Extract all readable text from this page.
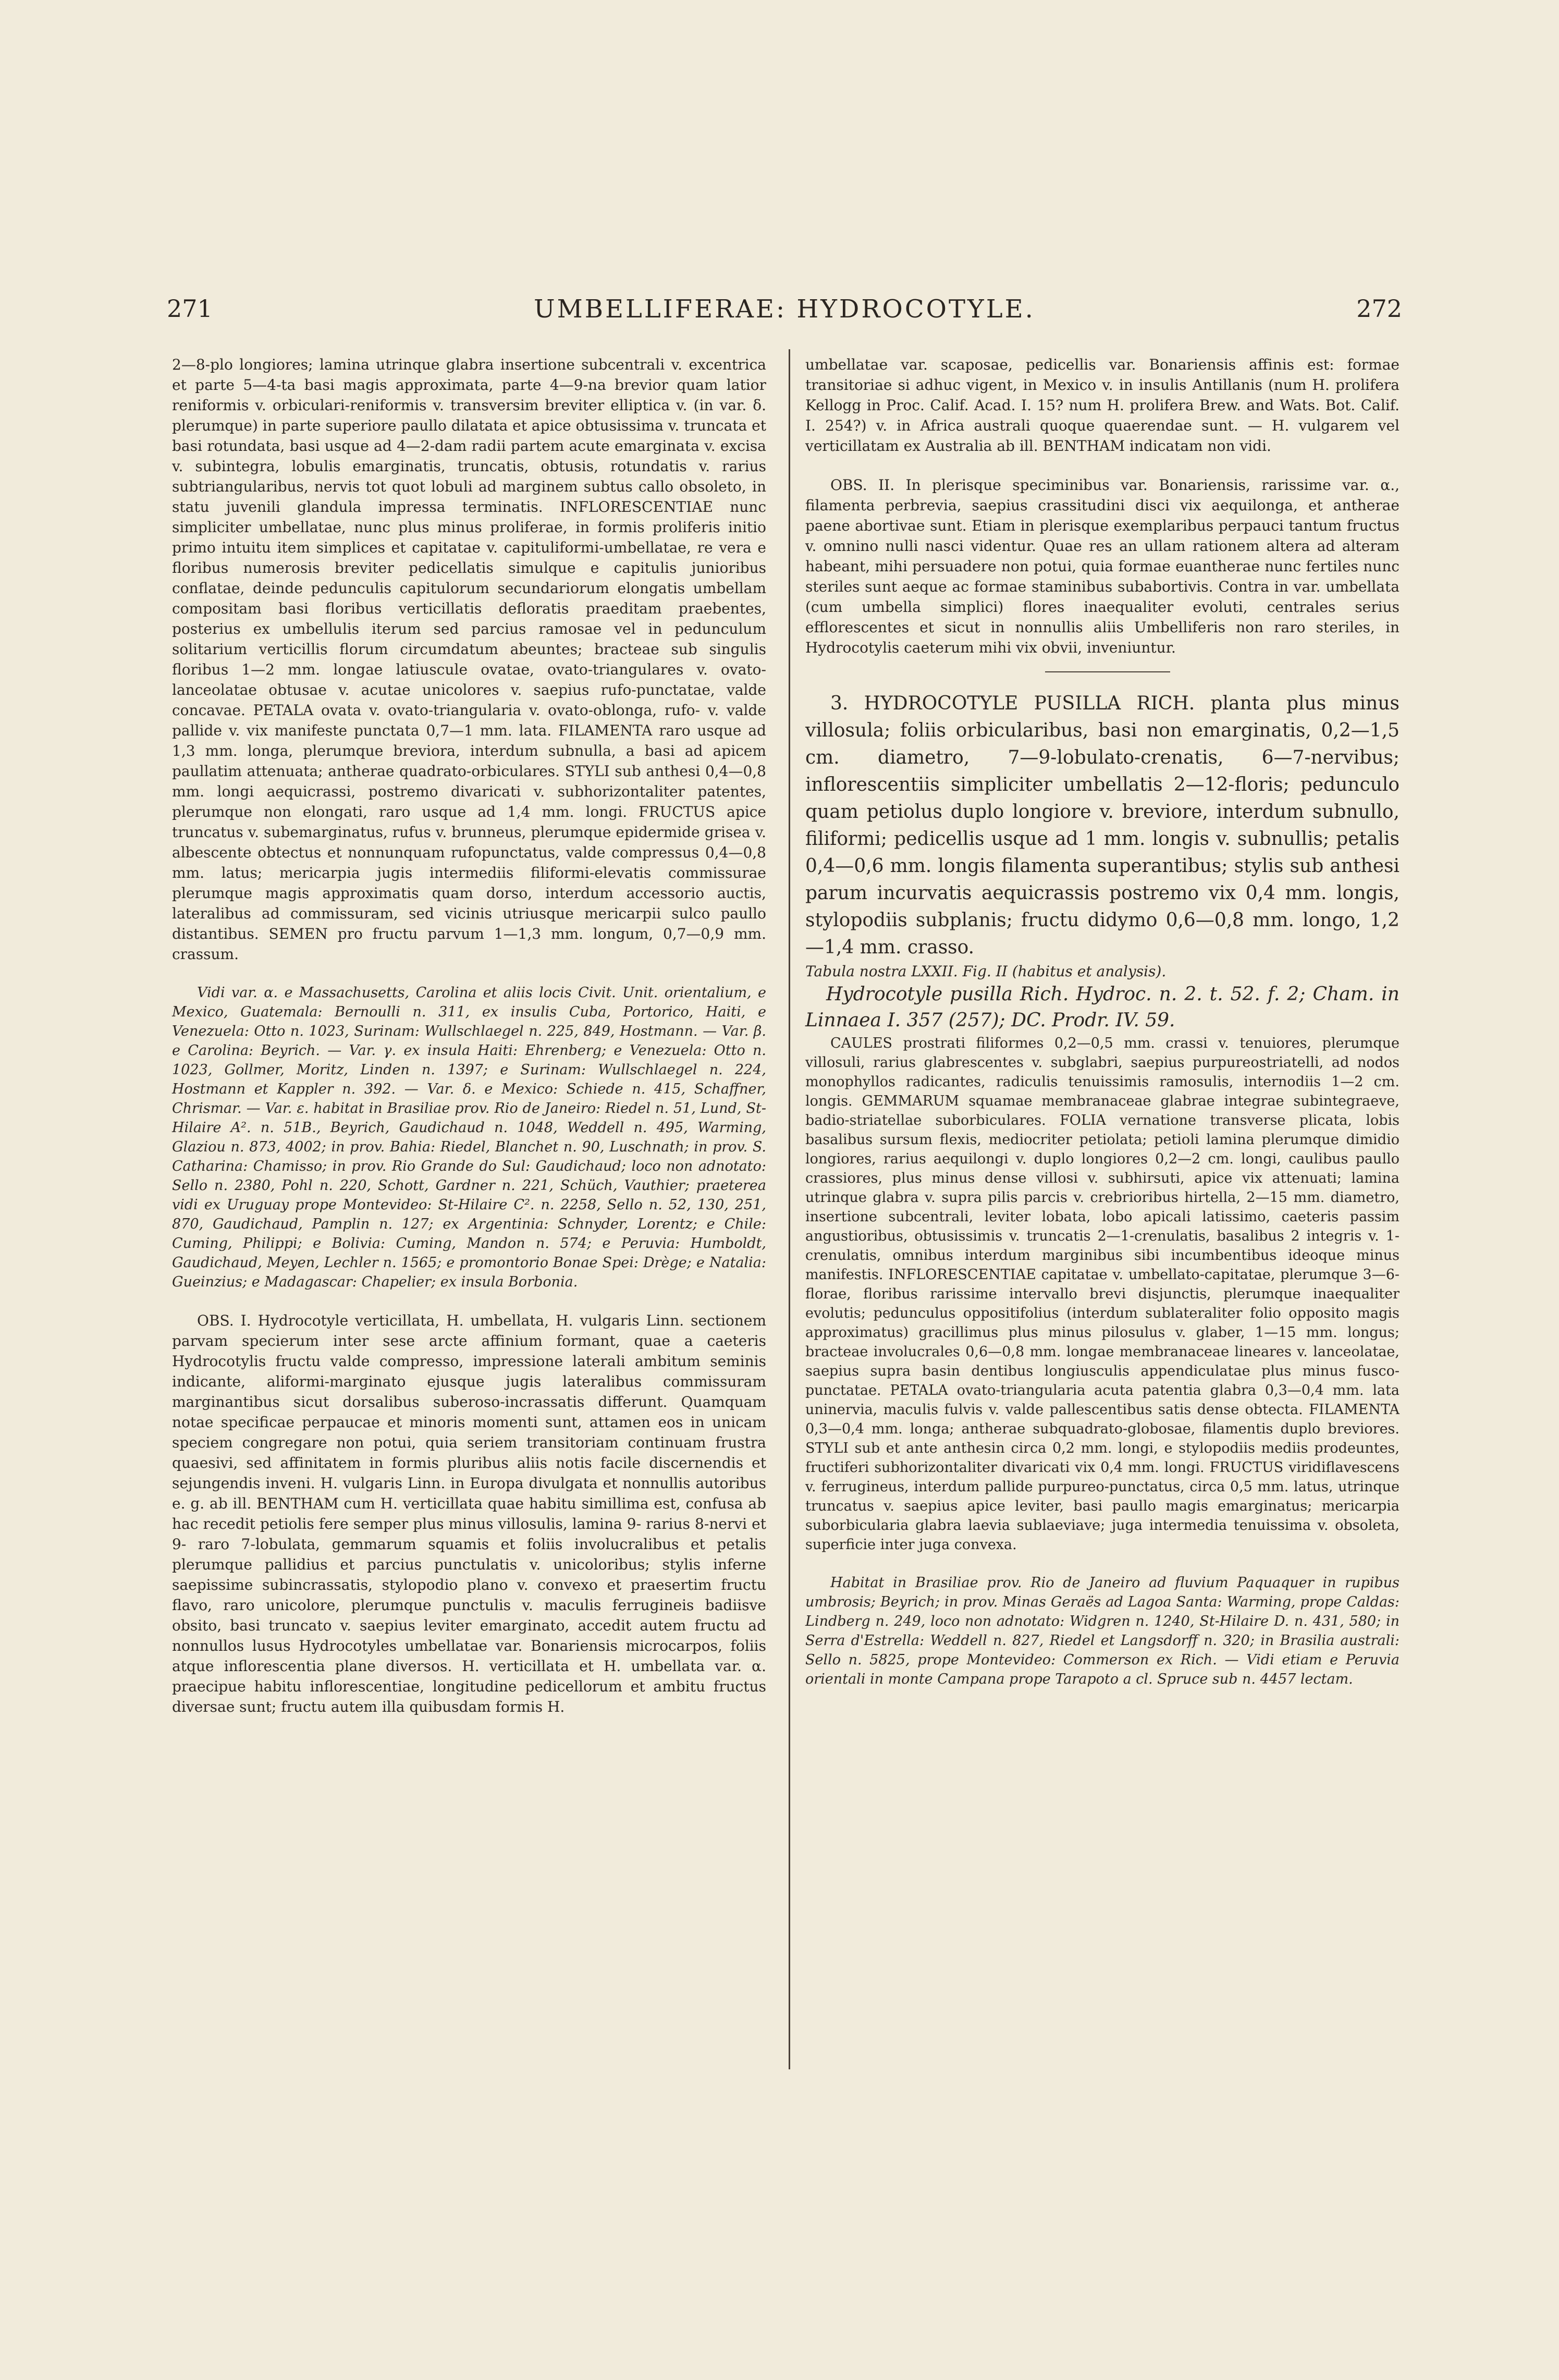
271	UMBELLIFERAE: HYDROCOTYLE.	272

2—8-plo longiores; lamina utrinque glabra insertione subcentrali v. excentrica et parte 5—4-ta basi magis approximata, parte 4—9-na brevior quam latior reniformis v. orbiculari-reniformis v. transversim breviter elliptica v. (in var. δ. plerumque) in parte superiore paullo dilatata et apice obtusissima v. truncata et basi rotundata, basi usque ad 4—2-dam radii partem acute emarginata v. excisa v. subintegra, lobulis emarginatis, truncatis, obtusis, rotundatis v. rarius subtriangularibus, nervis tot quot lobuli ad marginem subtus callo obsoleto, in statu juvenili glandula impressa terminatis. INFLORESCENTIAE nunc simpliciter umbellatae, nunc plus minus proliferae, in formis proliferis initio primo intuitu item simplices et capitatae v. capituliformi-umbellatae, re vera e floribus numerosis breviter pedicellatis simulque e capitulis junioribus conflatae, deinde pedunculis capitulorum secundariorum elongatis umbellam compositam basi floribus verticillatis defloratis praeditam praebentes, posterius ex umbellulis iterum sed parcius ramosae vel in pedunculum solitarium verticillis florum circumdatum abeuntes; bracteae sub singulis floribus 1—2 mm. longae latiuscule ovatae, ovato-triangulares v. ovato-lanceolatae obtusae v. acutae unicolores v. saepius rufo-punctatae, valde concavae. PETALA ovata v. ovato-triangularia v. ovato-oblonga, rufo- v. valde pallide v. vix manifeste punctata 0,7—1 mm. lata. FILAMENTA raro usque ad 1,3 mm. longa, plerumque breviora, interdum subnulla, a basi ad apicem paullatim attenuata; antherae quadrato-orbiculares. STYLI sub anthesi 0,4—0,8 mm. longi aequicrassi, postremo divaricati v. subhorizontaliter patentes, plerumque non elongati, raro usque ad 1,4 mm. longi. FRUCTUS apice truncatus v. subemarginatus, rufus v. brunneus, plerumque epidermide grisea v. albescente obtectus et nonnunquam rufopunctatus, valde compressus 0,4—0,8 mm. latus; mericarpia jugis intermediis filiformi-elevatis commissurae plerumque magis approximatis quam dorso, interdum accessorio auctis, lateralibus ad commissuram, sed vicinis utriusque mericarpii sulco paullo distantibus. SEMEN pro fructu parvum 1—1,3 mm. longum, 0,7—0,9 mm. crassum.

Vidi var. α. e Massachusetts, Carolina et aliis locis Civit. Unit. orientalium, e Mexico, Guatemala: Bernoulli n. 311, ex insulis Cuba, Portorico, Haiti, e Venezuela: Otto n. 1023, Surinam: Wullschlaegel n. 225, 849, Hostmann. — Var. β. e Carolina: Beyrich. — Var. γ. ex insula Haiti: Ehrenberg; e Venezuela: Otto n. 1023, Gollmer, Moritz, Linden n. 1397; e Surinam: Wullschlaegel n. 224, Hostmann et Kappler n. 392. — Var. δ. e Mexico: Schiede n. 415, Schaffner, Chrismar. — Var. ε. habitat in Brasiliae prov. Rio de Janeiro: Riedel n. 51, Lund, St-Hilaire A². n. 51B., Beyrich, Gaudichaud n. 1048, Weddell n. 495, Warming, Glaziou n. 873, 4002; in prov. Bahia: Riedel, Blanchet n. 90, Luschnath; in prov. S. Catharina: Chamisso; in prov. Rio Grande do Sul: Gaudichaud; loco non adnotato: Sello n. 2380, Pohl n. 220, Schott, Gardner n. 221, Schüch, Vauthier; praeterea vidi ex Uruguay prope Montevideo: St-Hilaire C². n. 2258, Sello n. 52, 130, 251, 870, Gaudichaud, Pamplin n. 127; ex Argentinia: Schnyder, Lorentz; e Chile: Cuming, Philippi; e Bolivia: Cuming, Mandon n. 574; e Peruvia: Humboldt, Gaudichaud, Meyen, Lechler n. 1565; e promontorio Bonae Spei: Drège; e Natalia: Gueinzius; e Madagascar: Chapelier; ex insula Borbonia.

OBS. I. Hydrocotyle verticillata, H. umbellata, H. vulgaris Linn. sectionem parvam specierum inter sese arcte affinium formant, quae a caeteris Hydrocotylis fructu valde compresso, impressione laterali ambitum seminis indicante, aliformi-marginato ejusque jugis lateralibus commissuram marginantibus sicut dorsalibus suberoso-incrassatis differunt. Quamquam notae specificae perpaucae et minoris momenti sunt, attamen eos in unicam speciem congregare non potui, quia seriem transitoriam continuam frustra quaesivi, sed affinitatem in formis pluribus aliis notis facile discernendis et sejungendis inveni. H. vulgaris Linn. in Europa divulgata et nonnullis autoribus e. g. ab ill. BENTHAM cum H. verticillata quae habitu simillima est, confusa ab hac recedit petiolis fere semper plus minus villosulis, lamina 9- rarius 8-nervi et 9- raro 7-lobulata, gemmarum squamis et foliis involucralibus et petalis plerumque pallidius et parcius punctulatis v. unicoloribus; stylis inferne saepissime subincrassatis, stylopodio plano v. convexo et praesertim fructu flavo, raro unicolore, plerumque punctulis v. maculis ferrugineis badiisve obsito, basi truncato v. saepius leviter emarginato, accedit autem fructu ad nonnullos lusus Hydrocotyles umbellatae var. Bonariensis microcarpos, foliis atque inflorescentia plane diversos. H. verticillata et H. umbellata var. α. praecipue habitu inflorescentiae, longitudine pedicellorum et ambitu fructus diversae sunt; fructu autem illa quibusdam formis H.

umbellatae var. scaposae, pedicellis var. Bonariensis affinis est: formae transitoriae si adhuc vigent, in Mexico v. in insulis Antillanis (num H. prolifera Kellogg in Proc. Calif. Acad. I. 15? num H. prolifera Brew. and Wats. Bot. Calif. I. 254?) v. in Africa australi quoque quaerendae sunt. — H. vulgarem vel verticillatam ex Australia ab ill. BENTHAM indicatam non vidi.

OBS. II. In plerisque speciminibus var. Bonariensis, rarissime var. α., filamenta perbrevia, saepius crassitudini disci vix aequilonga, et antherae paene abortivae sunt. Etiam in plerisque exemplaribus perpauci tantum fructus v. omnino nulli nasci videntur. Quae res an ullam rationem altera ad alteram habeant, mihi persuadere non potui, quia formae euantherae nunc fertiles nunc steriles sunt aeque ac formae staminibus subabortivis. Contra in var. umbellata (cum umbella simplici) flores inaequaliter evoluti, centrales serius efflorescentes et sicut in nonnullis aliis Umbelliferis non raro steriles, in Hydrocotylis caeterum mihi vix obvii, inveniuntur.

3. HYDROCOTYLE PUSILLA RICH. planta plus minus villosula; foliis orbicularibus, basi non emarginatis, 0,2—1,5 cm. diametro, 7—9-lobulato-crenatis, 6—7-nervibus; inflorescentiis simpliciter umbellatis 2—12-floris; pedunculo quam petiolus duplo longiore v. breviore, interdum subnullo, filiformi; pedicellis usque ad 1 mm. longis v. subnullis; petalis 0,4—0,6 mm. longis filamenta superantibus; stylis sub anthesi parum incurvatis aequicrassis postremo vix 0,4 mm. longis, stylopodiis subplanis; fructu didymo 0,6—0,8 mm. longo, 1,2—1,4 mm. crasso.

Tabula nostra LXXII. Fig. II (habitus et analysis).

Hydrocotyle pusilla Rich. Hydroc. n. 2. t. 52. f. 2; Cham. in Linnaea I. 357 (257); DC. Prodr. IV. 59.

CAULES prostrati filiformes 0,2—0,5 mm. crassi v. tenuiores, plerumque villosuli, rarius glabrescentes v. subglabri, saepius purpureostriatelli, ad nodos monophyllos radicantes, radiculis tenuissimis ramosulis, internodiis 1—2 cm. longis. GEMMARUM squamae membranaceae glabrae integrae subintegraeve, badio-striatellae suborbiculares. FOLIA vernatione transverse plicata, lobis basalibus sursum flexis, mediocriter petiolata; petioli lamina plerumque dimidio longiores, rarius aequilongi v. duplo longiores 0,2—2 cm. longi, caulibus paullo crassiores, plus minus dense villosi v. subhirsuti, apice vix attenuati; lamina utrinque glabra v. supra pilis parcis v. crebrioribus hirtella, 2—15 mm. diametro, insertione subcentrali, leviter lobata, lobo apicali latissimo, caeteris passim angustioribus, obtusissimis v. truncatis 2—1-crenulatis, basalibus 2 integris v. 1-crenulatis, omnibus interdum marginibus sibi incumbentibus ideoque minus manifestis. INFLORESCENTIAE capitatae v. umbellato-capitatae, plerumque 3—6-florae, floribus rarissime intervallo brevi disjunctis, plerumque inaequaliter evolutis; pedunculus oppositifolius (interdum sublateraliter folio opposito magis approximatus) gracillimus plus minus pilosulus v. glaber, 1—15 mm. longus; bracteae involucrales 0,6—0,8 mm. longae membranaceae lineares v. lanceolatae, saepius supra basin dentibus longiusculis appendiculatae plus minus fusco-punctatae. PETALA ovato-triangularia acuta patentia glabra 0,3—0,4 mm. lata uninervia, maculis fulvis v. valde pallescentibus satis dense obtecta. FILAMENTA 0,3—0,4 mm. longa; antherae subquadrato-globosae, filamentis duplo breviores. STYLI sub et ante anthesin circa 0,2 mm. longi, e stylopodiis mediis prodeuntes, fructiferi subhorizontaliter divaricati vix 0,4 mm. longi. FRUCTUS viridiflavescens v. ferrugineus, interdum pallide purpureo-punctatus, circa 0,5 mm. latus, utrinque truncatus v. saepius apice leviter, basi paullo magis emarginatus; mericarpia suborbicularia glabra laevia sublaeviave; juga intermedia tenuissima v. obsoleta, superficie inter juga convexa.

Habitat in Brasiliae prov. Rio de Janeiro ad fluvium Paquaquer in rupibus umbrosis; Beyrich; in prov. Minas Geraës ad Lagoa Santa: Warming, prope Caldas: Lindberg n. 249, loco non adnotato: Widgren n. 1240, St-Hilaire D. n. 431, 580; in Serra d'Estrella: Weddell n. 827, Riedel et Langsdorff n. 320; in Brasilia australi: Sello n. 5825, prope Montevideo: Commerson ex Rich. — Vidi etiam e Peruvia orientali in monte Campana prope Tarapoto a cl. Spruce sub n. 4457 lectam.
